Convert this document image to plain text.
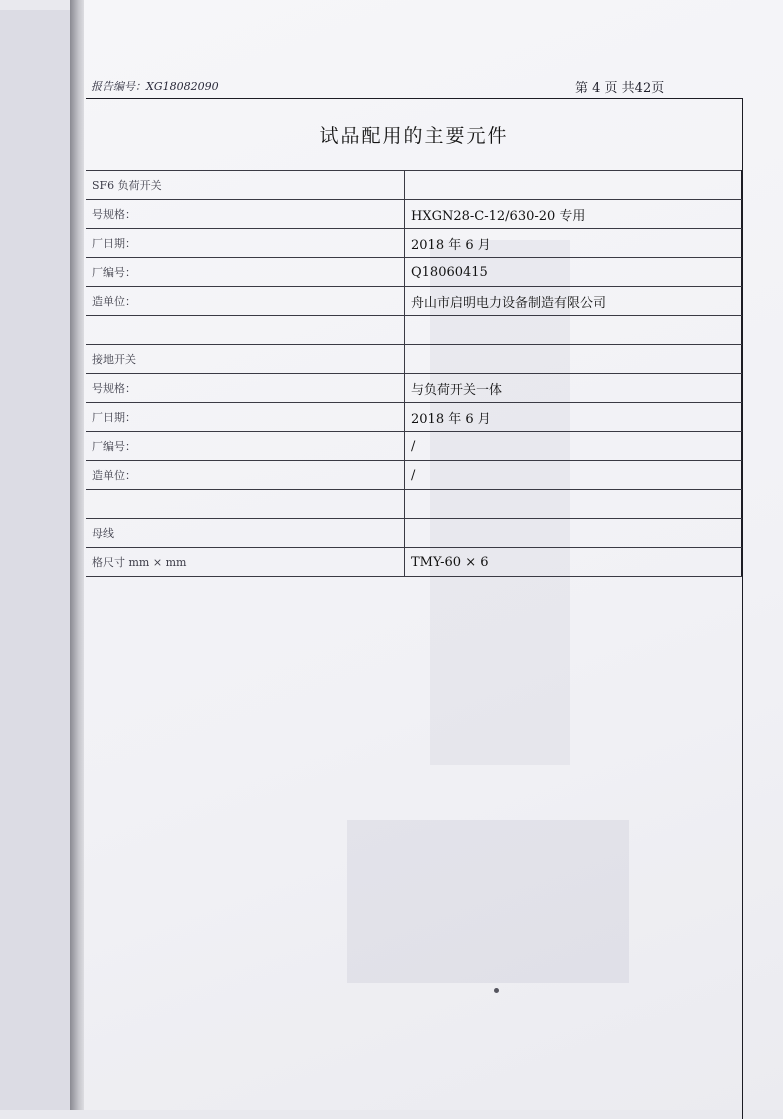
报告编号：XG18082090	第 4 页 共42页
试品配用的主要元件
SF6 负荷开关	
号规格：	HXGN28-C-12/630-20 专用
厂日期：	2018 年 6 月
厂编号：	Q18060415
造单位：	舟山市启明电力设备制造有限公司

接地开关	
号规格：	与负荷开关一体
厂日期：	2018 年 6 月
厂编号：	/
造单位：	/

母线	
格尺寸 mm × mm	TMY-60 × 6
